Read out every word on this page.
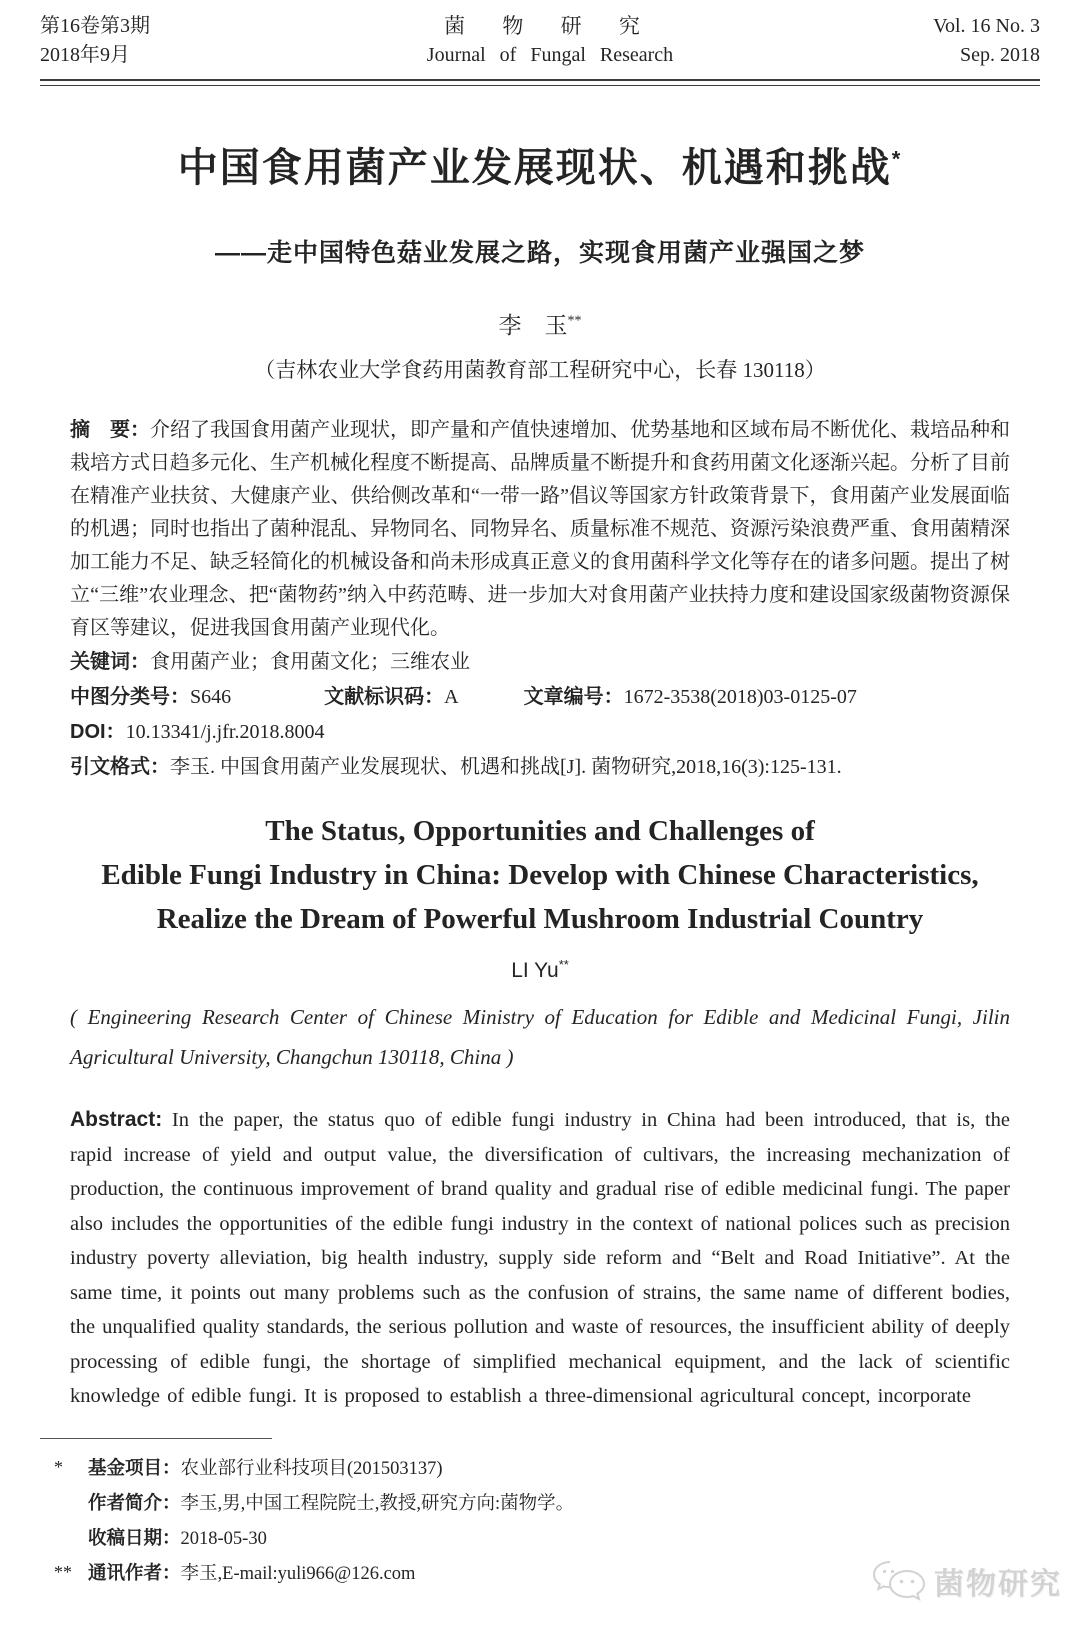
第16卷第3期
2018年9月
菌 物 研 究
Journal of Fungal Research
Vol. 16 No. 3
Sep. 2018
中国食用菌产业发展现状、机遇和挑战*
——走中国特色菇业发展之路，实现食用菌产业强国之梦
李　玉**
（吉林农业大学食药用菌教育部工程研究中心，长春 130118）
摘　要：介绍了我国食用菌产业现状，即产量和产值快速增加、优势基地和区域布局不断优化、栽培品种和栽培方式日趋多元化、生产机械化程度不断提高、品牌质量不断提升和食药用菌文化逐渐兴起。分析了目前在精准产业扶贫、大健康产业、供给侧改革和“一带一路”倡议等国家方针政策背景下，食用菌产业发展面临的机遇；同时也指出了菌种混乱、异物同名、同物异名、质量标准不规范、资源污染浪费严重、食用菌精深加工能力不足、缺乏轻简化的机械设备和尚未形成真正意义的食用菌科学文化等存在的诸多问题。提出了树立“三维”农业理念、把“菌物药”纳入中药范畴、进一步加大对食用菌产业扶持力度和建设国家级菌物资源保育区等建议，促进我国食用菌产业现代化。
关键词：食用菌产业；食用菌文化；三维农业
中图分类号：S646	文献标识码：A	文章编号：1672-3538(2018)03-0125-07
DOI：10.13341/j.jfr.2018.8004
引文格式：李玉. 中国食用菌产业发展现状、机遇和挑战[J]. 菌物研究,2018,16(3):125-131.
The Status, Opportunities and Challenges of
Edible Fungi Industry in China: Develop with Chinese Characteristics,
Realize the Dream of Powerful Mushroom Industrial Country
LI Yu**
( Engineering Research Center of Chinese Ministry of Education for Edible and Medicinal Fungi, Jilin Agricultural University, Changchun 130118, China )
Abstract: In the paper, the status quo of edible fungi industry in China had been introduced, that is, the rapid increase of yield and output value, the diversification of cultivars, the increasing mechanization of production, the continuous improvement of brand quality and gradual rise of edible medicinal fungi. The paper also includes the opportunities of the edible fungi industry in the context of national polices such as precision industry poverty alleviation, big health industry, supply side reform and “Belt and Road Initiative”. At the same time, it points out many problems such as the confusion of strains, the same name of different bodies, the unqualified quality standards, the serious pollution and waste of resources, the insufficient ability of deeply processing of edible fungi, the shortage of simplified mechanical equipment, and the lack of scientific knowledge of edible fungi. It is proposed to establish a three-dimensional agricultural concept, incorporate
* 基金项目：农业部行业科技项目(201503137)
作者简介：李玉,男,中国工程院院士,教授,研究方向:菌物学。
收稿日期：2018-05-30
** 通讯作者：李玉,E-mail:yuli966@126.com	菌物研究
